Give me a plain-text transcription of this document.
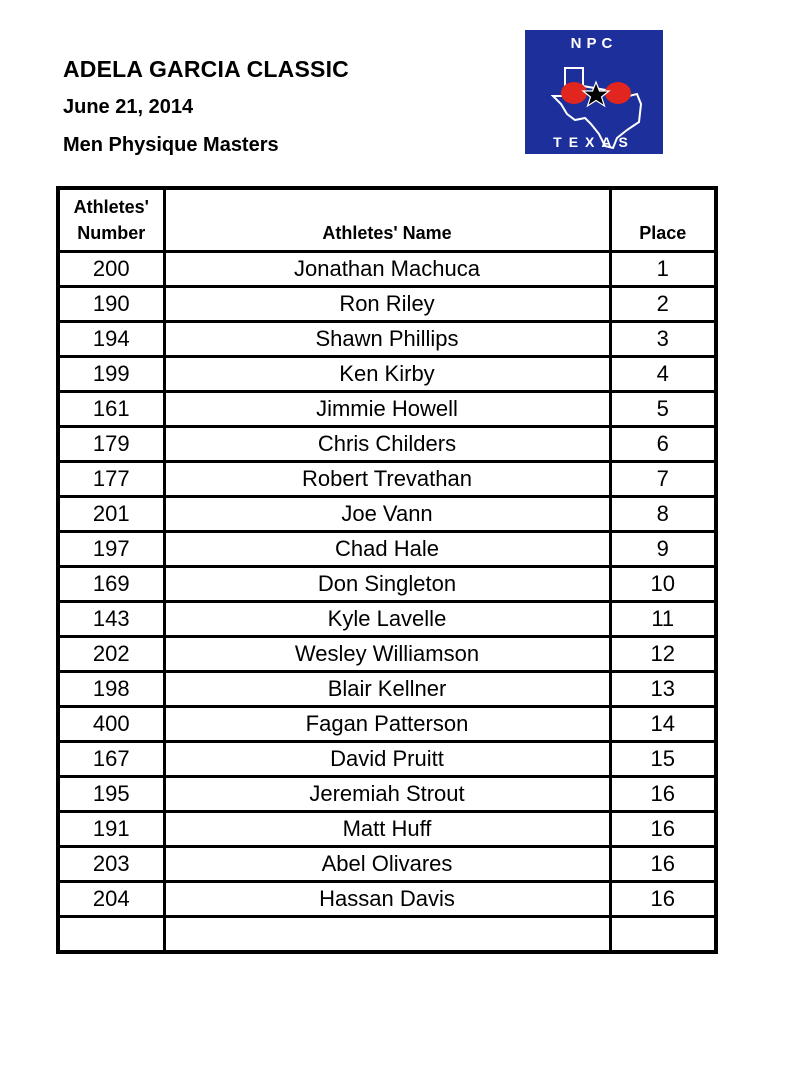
ADELA GARCIA CLASSIC
June 21, 2014
Men Physique Masters
NPC
TEXAS
Athletes'
Number	Athletes' Name	Place
200	Jonathan Machuca	1
190	Ron Riley	2
194	Shawn Phillips	3
199	Ken Kirby	4
161	Jimmie Howell	5
179	Chris Childers	6
177	Robert Trevathan	7
201	Joe Vann	8
197	Chad Hale	9
169	Don Singleton	10
143	Kyle Lavelle	11
202	Wesley Williamson	12
198	Blair Kellner	13
400	Fagan Patterson	14
167	David Pruitt	15
195	Jeremiah Strout	16
191	Matt Huff	16
203	Abel Olivares	16
204	Hassan Davis	16
